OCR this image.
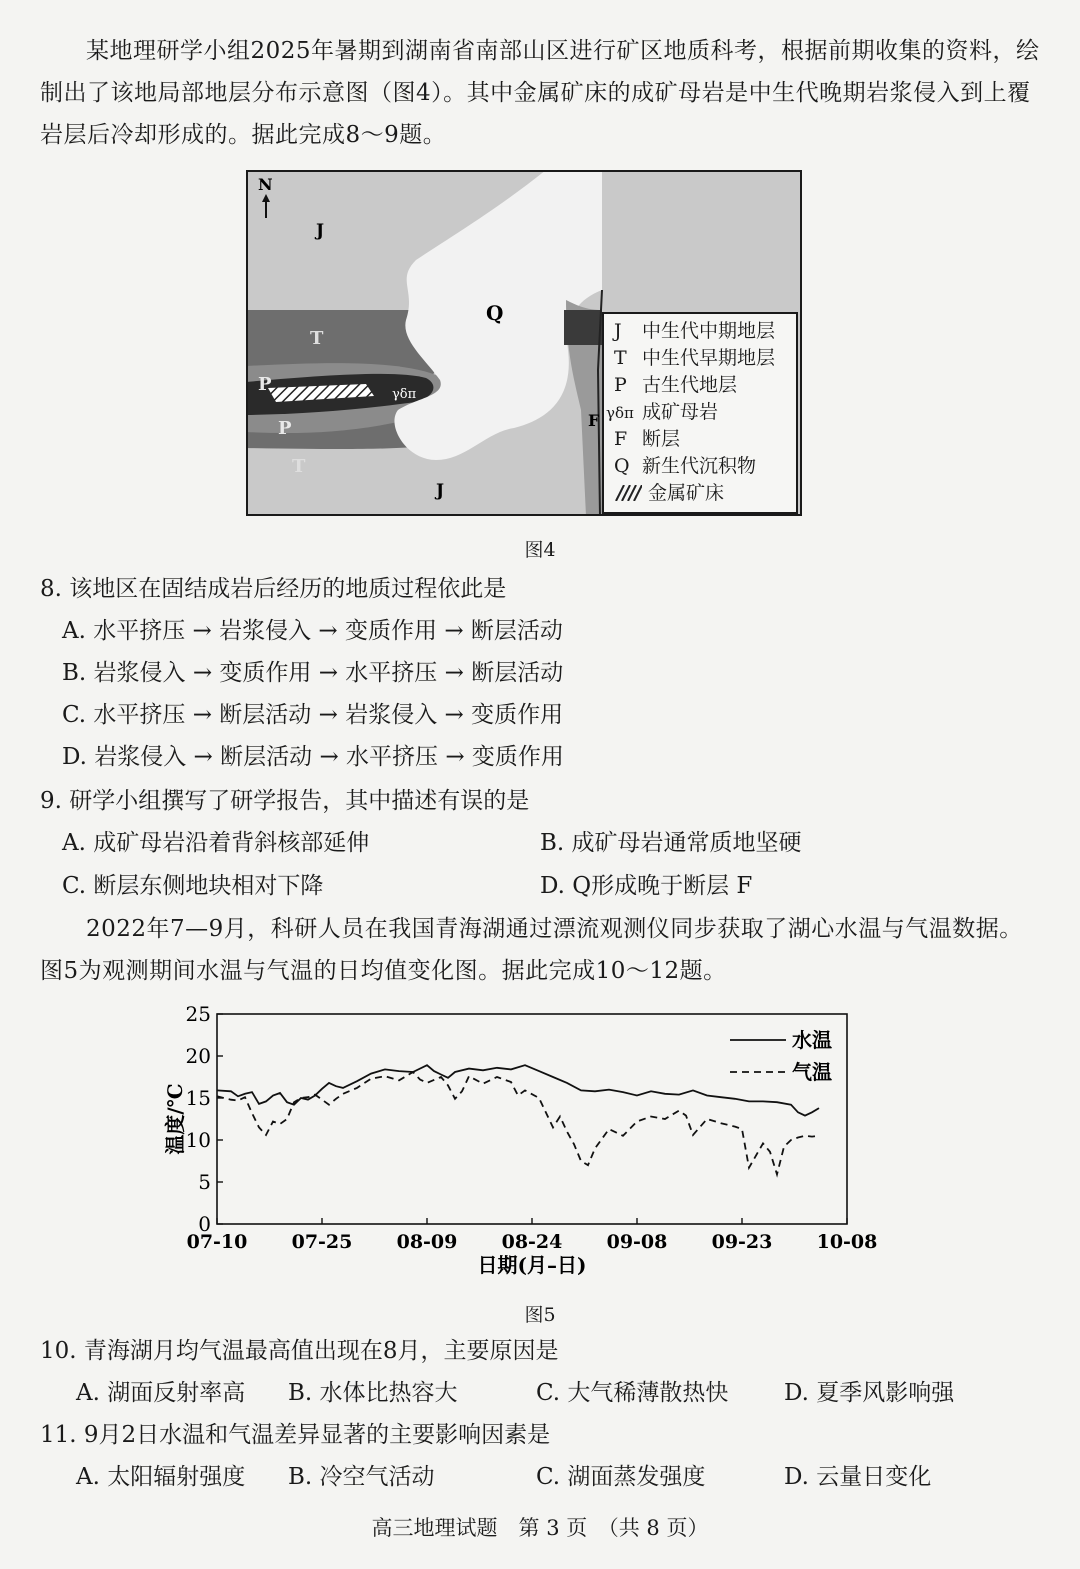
某地理研学小组2025年暑期到湖南省南部山区进行矿区地质科考，根据前期收集的资料，绘制出了该地局部地层分布示意图（图4）。其中金属矿床的成矿母岩是中生代晚期岩浆侵入到上覆岩层后冷却形成的。据此完成8～9题。

N
J
Q
T
P	γδπ
P
T
J
F
J 中生代中期地层
T 中生代早期地层
P 古生代地层
γδπ 成矿母岩
F 断层
Q 新生代沉积物
金属矿床
图4
8. 该地区在固结成岩后经历的地质过程依此是
A. 水平挤压 → 岩浆侵入 → 变质作用 → 断层活动
B. 岩浆侵入 → 变质作用 → 水平挤压 → 断层活动
C. 水平挤压 → 断层活动 → 岩浆侵入 → 变质作用
D. 岩浆侵入 → 断层活动 → 水平挤压 → 变质作用
9. 研学小组撰写了研学报告，其中描述有误的是
A. 成矿母岩沿着背斜核部延伸	B. 成矿母岩通常质地坚硬
C. 断层东侧地块相对下降	D. Q形成晚于断层 F

2022年7—9月，科研人员在我国青海湖通过漂流观测仪同步获取了湖心水温与气温数据。图5为观测期间水温与气温的日均值变化图。据此完成10～12题。

0
5
10
15
20
25
07-10 07-25 08-09 08-24 09-08 09-23 10-08
温度/℃
日期(月–日)
水温
气温
图5
10. 青海湖月均气温最高值出现在8月，主要原因是
A. 湖面反射率高 B. 水体比热容大	C. 大气稀薄散热快 D. 夏季风影响强
11. 9月2日水温和气温差异显著的主要影响因素是
A. 太阳辐射强度 B. 冷空气活动	C. 湖面蒸发强度	D. 云量日变化
高三地理试题　第 3 页　（共 8 页）
